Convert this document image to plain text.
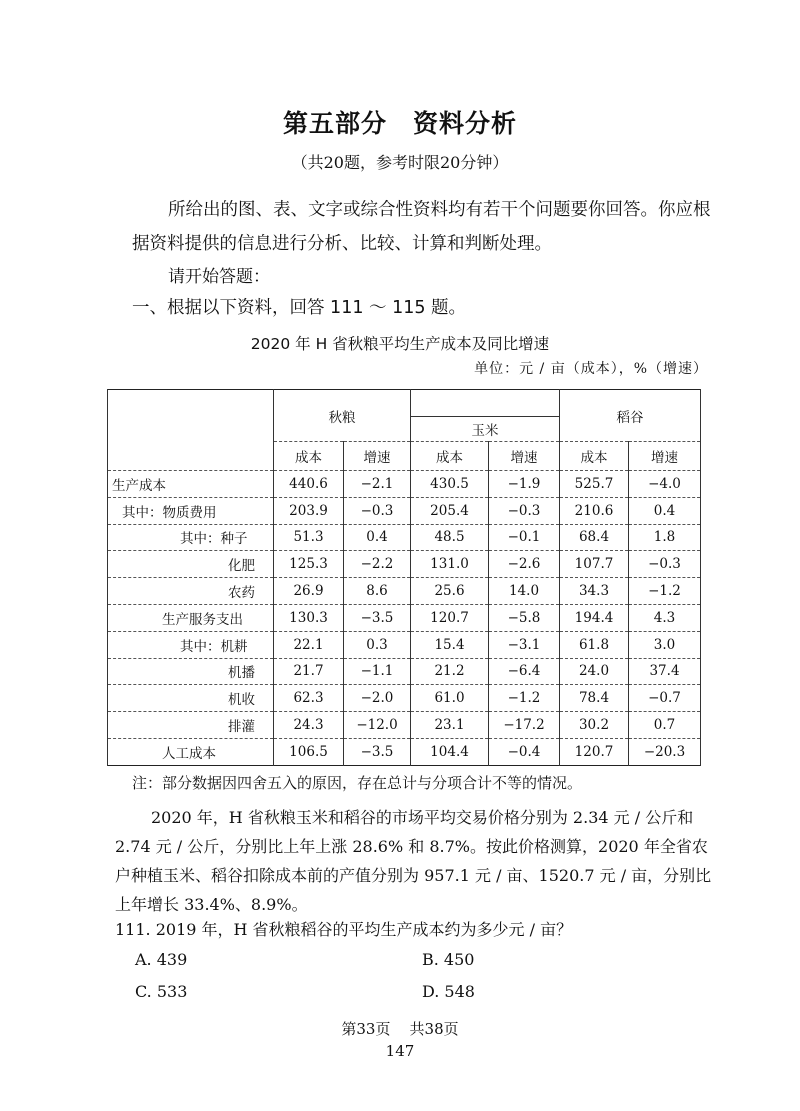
第五部分 资料分析
（共20题，参考时限20分钟）
所给出的图、表、文字或综合性资料均有若干个问题要你回答。你应根据资料提供的信息进行分析、比较、计算和判断处理。
请开始答题：
一、根据以下资料，回答 111 ～ 115 题。
2020 年 H 省秋粮平均生产成本及同比增速
单位：元 / 亩（成本），%（增速）
	秋粮				稻谷	
			玉米			
	成本	增速	成本	增速	成本	增速
生产成本	440.6	−2.1	430.5	−1.9	525.7	−4.0
其中：物质费用	203.9	−0.3	205.4	−0.3	210.6	0.4
其中：种子	51.3	0.4	48.5	−0.1	68.4	1.8
化肥	125.3	−2.2	131.0	−2.6	107.7	−0.3
农药	26.9	8.6	25.6	14.0	34.3	−1.2
生产服务支出	130.3	−3.5	120.7	−5.8	194.4	4.3
其中：机耕	22.1	0.3	15.4	−3.1	61.8	3.0
机播	21.7	−1.1	21.2	−6.4	24.0	37.4
机收	62.3	−2.0	61.0	−1.2	78.4	−0.7
排灌	24.3	−12.0	23.1	−17.2	30.2	0.7
人工成本	106.5	−3.5	104.4	−0.4	120.7	−20.3
注：部分数据因四舍五入的原因，存在总计与分项合计不等的情况。
2020 年，H 省秋粮玉米和稻谷的市场平均交易价格分别为 2.34 元 / 公斤和 2.74 元 / 公斤，分别比上年上涨 28.6% 和 8.7%。按此价格测算，2020 年全省农户种植玉米、稻谷扣除成本前的产值分别为 957.1 元 / 亩、1520.7 元 / 亩，分别比上年增长 33.4%、8.9%。
111. 2019 年，H 省秋粮稻谷的平均生产成本约为多少元 / 亩？
A. 439	B. 450
C. 533	D. 548
第33页    共38页
147
